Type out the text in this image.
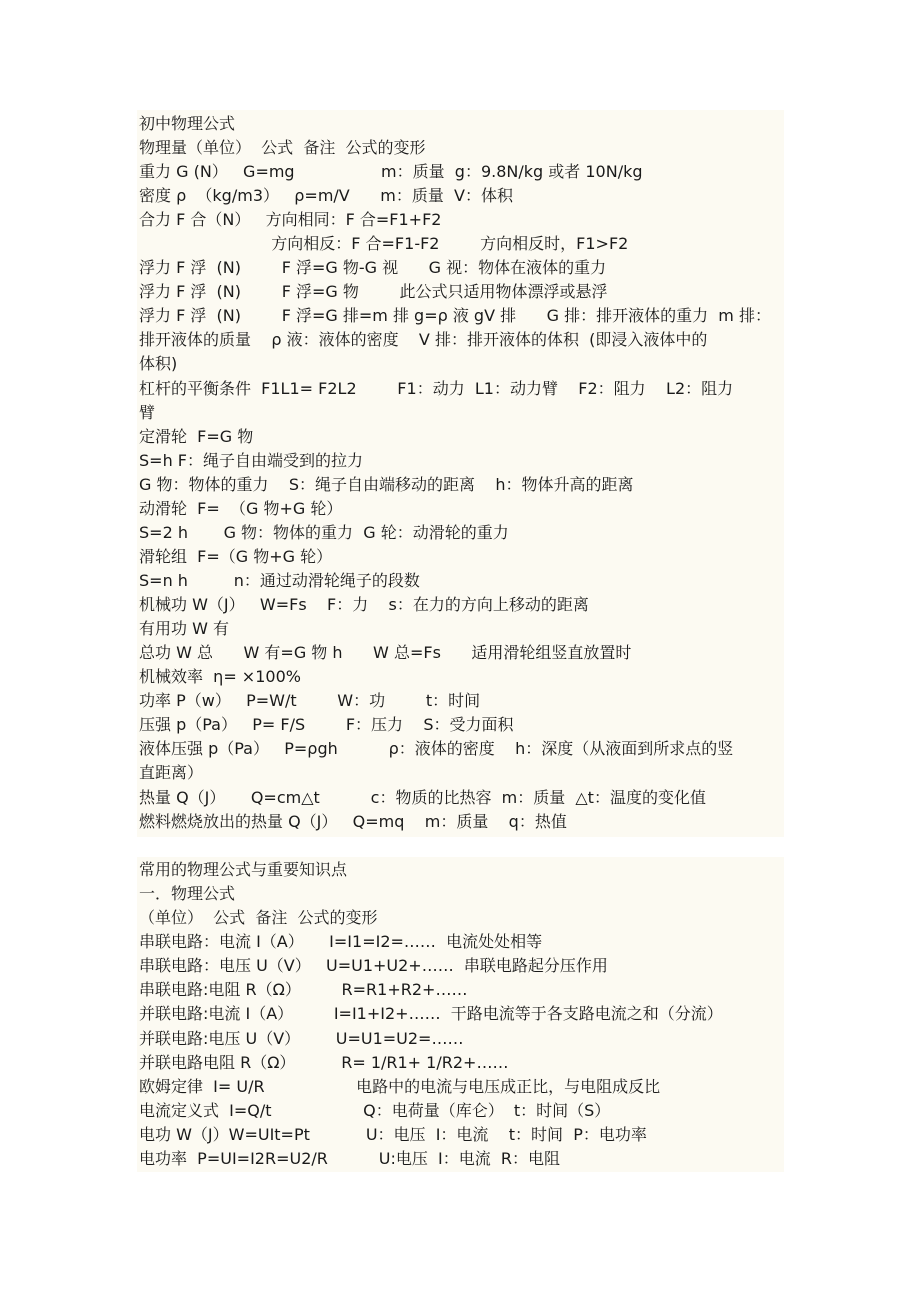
初中物理公式
物理量（单位）  公式  备注  公式的变形
重力 G (N）   G=mg                 m：质量  g：9.8N/kg 或者 10N/kg
密度 ρ  （kg/m3）   ρ=m/V      m：质量  V：体积
合力 F 合（N）   方向相同：F 合=F1+F2
方向相反：F 合=F1-F2        方向相反时，F1>F2
浮力 F 浮  (N)        F 浮=G 物-G 视      G 视：物体在液体的重力
浮力 F 浮  (N)        F 浮=G 物        此公式只适用物体漂浮或悬浮
浮力 F 浮  (N)        F 浮=G 排=m 排 g=ρ 液 gV 排      G 排：排开液体的重力  m 排：
排开液体的质量    ρ 液：液体的密度    V 排：排开液体的体积  (即浸入液体中的
体积)
杠杆的平衡条件  F1L1= F2L2        F1：动力  L1：动力臂    F2：阻力    L2：阻力
臂
定滑轮  F=G 物
S=h F：绳子自由端受到的拉力
G 物：物体的重力    S：绳子自由端移动的距离    h：物体升高的距离
动滑轮  F=  （G 物+G 轮）
S=2 h       G 物：物体的重力  G 轮：动滑轮的重力
滑轮组  F=（G 物+G 轮）
S=n h         n：通过动滑轮绳子的段数
机械功 W（J）   W=Fs    F：力    s：在力的方向上移动的距离
有用功 W 有
总功 W 总      W 有=G 物 h      W 总=Fs      适用滑轮组竖直放置时
机械效率  η= ×100%
功率 P（w）   P=W/t        W：功        t：时间
压强 p（Pa）   P= F/S        F：压力    S：受力面积
液体压强 p（Pa）   P=ρgh          ρ：液体的密度    h：深度（从液面到所求点的竖
直距离）
热量 Q（J）     Q=cm△t          c：物质的比热容  m：质量  △t：温度的变化值
燃料燃烧放出的热量 Q（J）   Q=mq    m：质量    q：热值
常用的物理公式与重要知识点
一．物理公式
（单位）  公式  备注  公式的变形
串联电路：电流 I（A）     I=I1=I2=……  电流处处相等
串联电路：电压 U（V）   U=U1+U2+……  串联电路起分压作用
串联电路:电阻 R（Ω）        R=R1+R2+……
并联电路:电流 I（A）        I=I1+I2+……  干路电流等于各支路电流之和（分流）
并联电路:电压 U（V）       U=U1=U2=……
并联电路电阻 R（Ω）         R= 1/R1+ 1/R2+……
欧姆定律  I= U/R                  电路中的电流与电压成正比，与电阻成反比
电流定义式  I=Q/t                  Q：电荷量（库仑）  t：时间（S）
电功 W（J）W=UIt=Pt           U：电压  I：电流    t：时间  P：电功率
电功率  P=UI=I2R=U2/R          U:电压  I：电流  R：电阻
